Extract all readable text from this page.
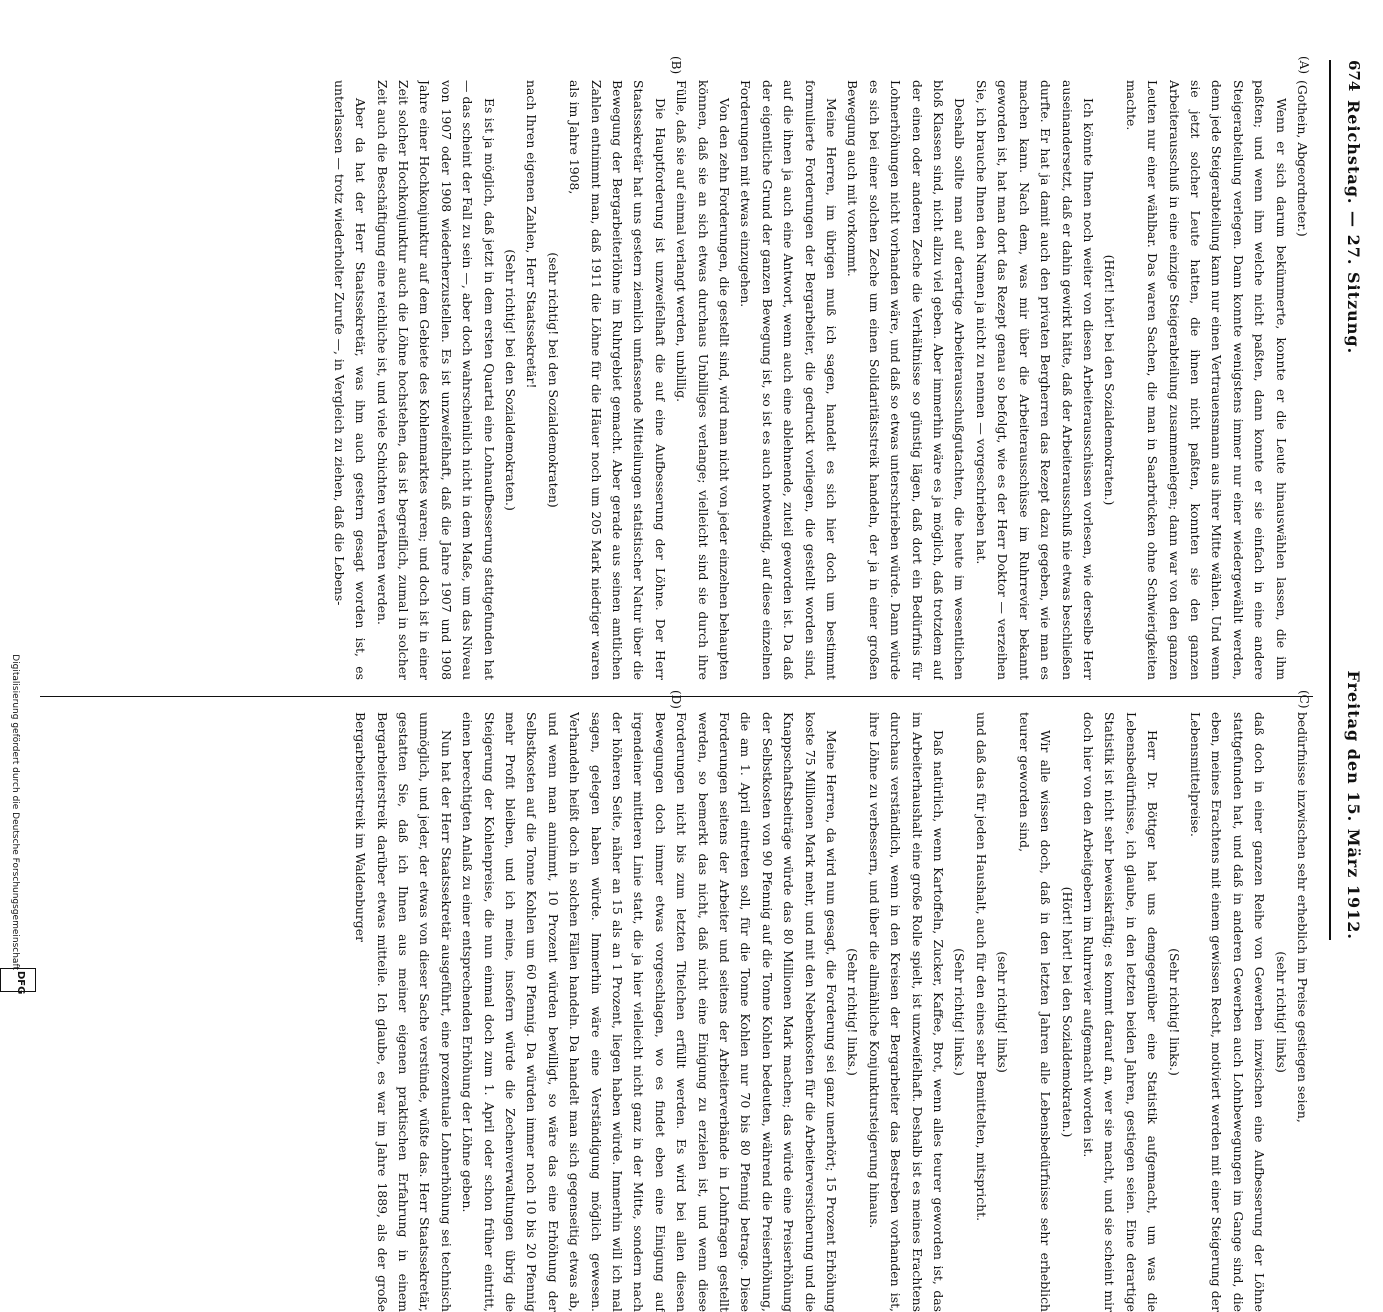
674
Reichstag. — 27. Sitzung.
Freitag den 15. März 1912.
(A)
(B)
(C)
(D)

(Gothein, Abgeordneter.)

Wenn er sich darum bekümmerte, konnte er die Leute hinauswählen lassen, die ihm paßten; und wenn ihm welche nicht paßten, dann konnte er sie einfach in eine andere Steigerabteilung verlegen. Dann konnte wenigstens immer nur einer wiedergewählt werden, denn jede Steigerabteilung kann nur einen Vertrauensmann aus ihrer Mitte wählen. Und wenn sie jetzt solcher Leute hatten, die ihnen nicht paßten, konnten sie den ganzen Arbeiterausschuß in eine einzige Steigerabteilung zusammenlegen; dann war von den ganzen Leuten nur einer wählbar. Das waren Sachen, die man in Saarbrücken ohne Schwierigkeiten machte.

(Hört! hört! bei den Sozialdemokraten.)

Ich könnte Ihnen noch weiter von diesen Arbeiterausschüssen vorlesen, wie derselbe Herr auseinandersetzt, daß er dahin gewirkt hätte, daß der Arbeiterausschuß nie etwas beschließen durfte. Er hat ja damit auch den privaten Bergherren das Rezept dazu gegeben, wie man es machen kann. Nach dem, was mir über die Arbeiterausschüsse im Ruhrrevier bekannt geworden ist, hat man dort das Rezept genau so befolgt, wie es der Herr Doktor — verzeihen Sie, ich brauche Ihnen den Namen ja nicht zu nennen — vorgeschrieben hat.

Deshalb sollte man auf derartige Arbeiterausschußgutachten, die heute im wesentlichen bloß Klassen sind, nicht allzu viel geben. Aber immerhin wäre es ja möglich, daß trotzdem auf der einen oder anderen Zeche die Verhältnisse so günstig lägen, daß dort ein Bedürfnis für Lohnerhöhungen nicht vorhanden wäre, und daß so etwas unterschrieben würde. Dann würde es sich bei einer solchen Zeche um einen Solidaritätsstreik handeln, der ja in einer großen Bewegung auch mit vorkommt.

Meine Herren, im übrigen muß ich sagen, handelt es sich hier doch um bestimmt formulierte Forderungen der Bergarbeiter, die gedruckt vorliegen, die gestellt worden sind, auf die ihnen ja auch eine Antwort, wenn auch eine ablehnende, zuteil geworden ist. Da daß der eigentliche Grund der ganzen Bewegung ist, so ist es auch notwendig, auf diese einzelnen Forderungen mit etwas einzugehen.

Von den zehn Forderungen, die gestellt sind, wird man nicht von jeder einzelnen behaupten können, daß sie an sich etwas durchaus Unbilliges verlange; vielleicht sind sie durch ihre Fülle, daß sie auf einmal verlangt werden, unbillig.

Die Hauptforderung ist unzweifelhaft die auf eine Aufbesserung der Löhne. Der Herr Staatssekretär hat uns gestern ziemlich umfassende Mitteilungen statistischer Natur über die Bewegung der Bergarbeiterlöhne im Ruhrgebiet gemacht. Aber gerade aus seinen amtlichen Zahlen entnimmt man, daß 1911 die Löhne für die Häuer noch um 205 Mark niedriger waren als im Jahre 1908,

(sehr richtig! bei den Sozialdemokraten)

nach Ihren eigenen Zahlen, Herr Staatssekretär!

(Sehr richtig! bei den Sozialdemokraten.)

Es ist ja möglich, daß jetzt in dem ersten Quartal eine Lohnaufbesserung stattgefunden hat — das scheint der Fall zu sein —, aber doch wahrscheinlich nicht in dem Maße, um das Niveau von 1907 oder 1908 wiederherzustellen. Es ist unzweifelhaft, daß die Jahre 1907 und 1908 Jahre einer Hochkonjunktur auf dem Gebiete des Kohlenmarktes waren; und doch ist in einer Zeit solcher Hochkonjunktur auch die Löhne hochstehen, das ist begreiflich, zumal in solcher Zeit auch die Beschäftigung eine reichliche ist, und viele Schichten verfahren werden.

Aber da hat der Herr Staatssekretär, was ihm auch gestern gesagt worden ist, es unterlassen — trotz wiederholter Zurufe —, in Vergleich zu ziehen, daß die Lebens-

bedürfnisse inzwischen sehr erheblich im Preise gestiegen seien,

(sehr richtig! links)

daß doch in einer ganzen Reihe von Gewerben inzwischen eine Aufbesserung der Löhne stattgefunden hat, und daß in anderen Gewerben auch Lohnbewegungen im Gange sind, die eben, meines Erachtens mit einem gewissen Recht, motiviert werden mit einer Steigerung der Lebensmittelpreise.

(Sehr richtig! links.)

Herr Dr. Böttger hat uns demgegenüber eine Statistik aufgemacht, um was die Lebensbedürfnisse, ich glaube, in den letzten beiden Jahren, gestiegen seien. Eine derartige Statistik ist nicht sehr beweiskräftig; es kommt darauf an, wer sie macht, und sie scheint mir doch hier von den Arbeitgebern im Ruhrrevier aufgemacht worden ist.

(Hört! hört! bei den Sozialdemokraten.)

Wir alle wissen doch, daß in den letzten Jahren alle Lebensbedürfnisse sehr erheblich teurer geworden sind,

(sehr richtig! links)

und daß das für jeden Haushalt, auch für den eines sehr Bemittelten, mitspricht.

(Sehr richtig! links.)

Daß natürlich, wenn Kartoffeln, Zucker, Kaffee, Brot, wenn alles teurer geworden ist, das im Arbeiterhaushalt eine große Rolle spielt, ist unzweifelhaft. Deshalb ist es meines Erachtens durchaus verständlich, wenn in den Kreisen der Bergarbeiter das Bestreben vorhanden ist, ihre Löhne zu verbessern, und über die allmähliche Konjunktursteigerung hinaus.

(Sehr richtig! links.)

Meine Herren, da wird nun gesagt, die Forderung sei ganz unerhört; 15 Prozent Erhöhung koste 75 Millionen Mark mehr, und mit den Nebenkosten für die Arbeiterversicherung und die Knappschaftsbeiträge würde das 80 Millionen Mark machen; das würde eine Preiserhöhung der Selbstkosten von 90 Pfennig auf die Tonne Kohlen bedeuten, während die Preiserhöhung, die am 1. April eintreten soll, für die Tonne Kohlen nur 70 bis 80 Pfennig betrage. Diese Forderungen seitens der Arbeiter und seitens der Arbeiterverbände in Lohnfragen gestellt werden, so bemerkt das nicht, daß nicht eine Einigung zu erzielen ist, und wenn diese Forderungen nicht bis zum letzten Titelchen erfüllt werden. Es wird bei allen diesen Bewegungen doch immer etwas vorgeschlagen, wo es findet eben eine Einigung auf irgendeiner mittleren Linie statt, die ja hier vielleicht nicht ganz in der Mitte, sondern nach der höheren Seite, näher an 15 als an 1 Prozent, liegen haben würde. Immerhin will ich mal sagen, gelegen haben würde. Immerhin wäre eine Verständigung möglich gewesen. Verhandeln heißt doch in solchen Fällen handeln. Da handelt man sich gegenseitig etwas ab, und wenn man annimmt, 10 Prozent würden bewilligt, so wäre das eine Erhöhung der Selbstkosten auf die Tonne Kohlen um 60 Pfennig. Da würden immer noch 10 bis 20 Pfennig mehr Profit bleiben, und ich meine, insofern würde die Zechenverwaltungen übrig die Steigerung der Kohlenpreise, die nun einmal doch zum 1. April oder schon früher eintritt, einen berechtigten Anlaß zu einer entsprechenden Erhöhung der Löhne geben.

Nun hat der Herr Staatssekretär ausgeführt, eine prozentuale Lohnerhöhung sei technisch unmöglich, und jeder, der etwas von dieser Sache verstünde, wüßte das. Herr Staatssekretär, gestatten Sie, daß ich Ihnen aus meiner eigenen praktischen Erfahrung in einem Bergarbeiterstreik darüber etwas mitteile. Ich glaube, es war im Jahre 1889, als der große Bergarbeiterstreik im Waldenburger

Digitalisierung gefördert durch die Deutsche Forschungsgemeinschaft
DFG
